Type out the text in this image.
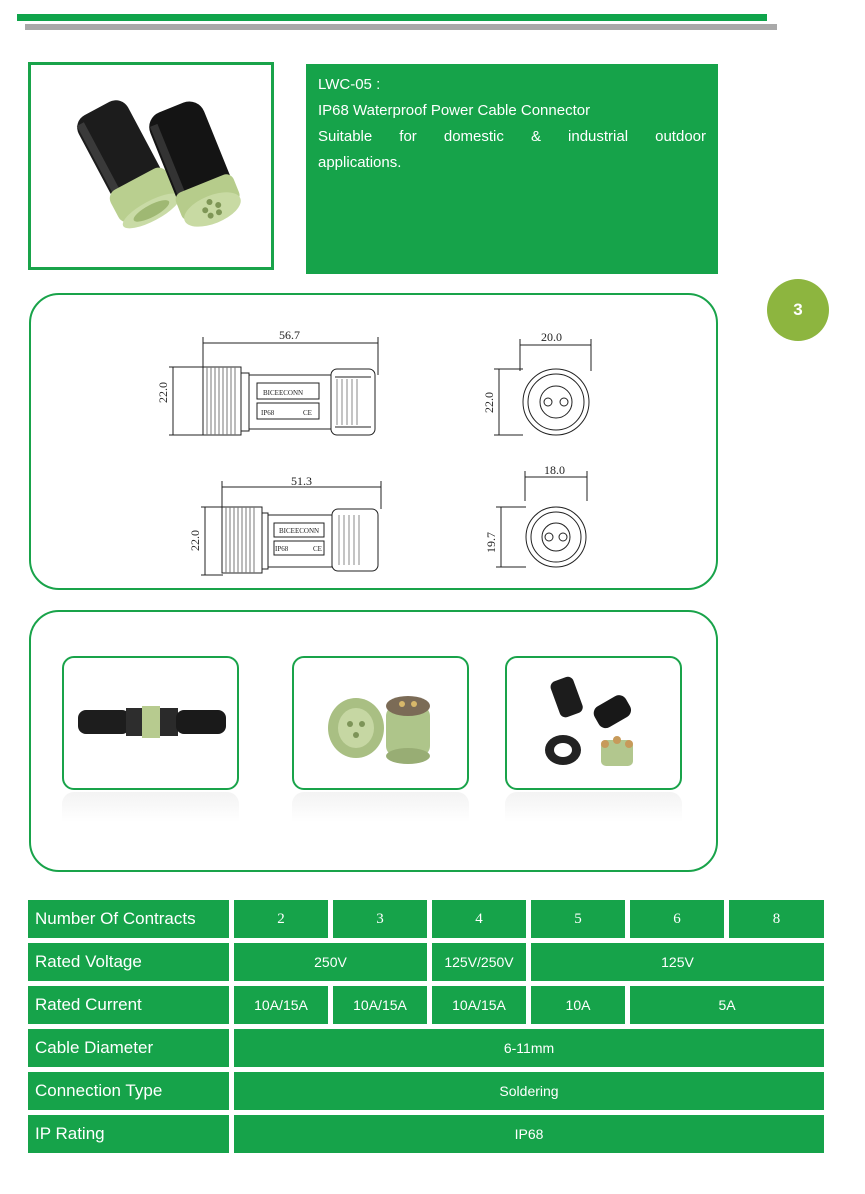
LWC-05 :
IP68 Waterproof Power Cable Connector
Suitable for domestic & industrial outdoor
applications.
3
56.7
22.0	BICEECONN
IP68	CE
20.0
22.0
51.3
22.0	BICEECONN
IP68	CE
18.0
19.7
Number Of Contracts	2	3	4	5	6	8
Rated Voltage	250V	125V/250V	125V
Rated Current	10A/15A	10A/15A	10A/15A	10A	5A
Cable Diameter	6-11mm
Connection Type	Soldering
IP Rating	IP68
